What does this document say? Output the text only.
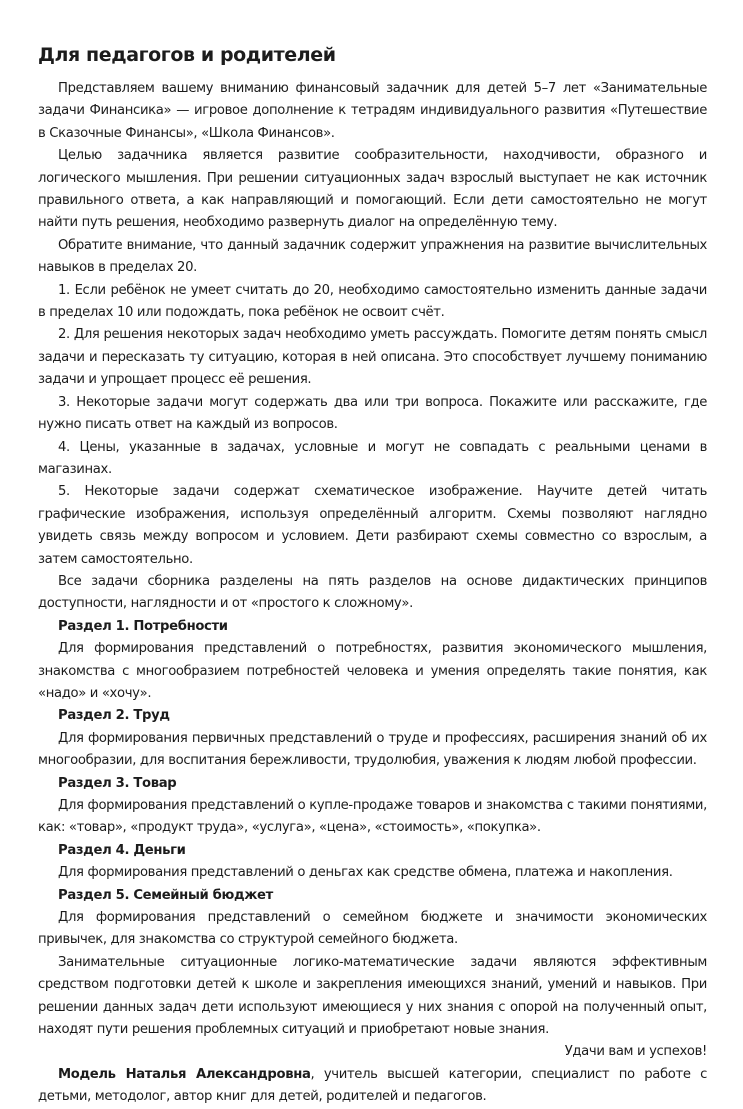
Для педагогов и родителей

Представляем вашему вниманию финансовый задачник для детей 5–7 лет «Занимательные задачи Финансика» — игровое дополнение к тетрадям индивидуального развития «Путешествие в Сказочные Финансы», «Школа Финансов».

Целью задачника является развитие сообразительности, находчивости, образного и логического мышления. При решении ситуационных задач взрослый выступает не как источник правильного ответа, а как направляющий и помогающий. Если дети самостоятельно не могут найти путь решения, необходимо развернуть диалог на определённую тему.

Обратите внимание, что данный задачник содержит упражнения на развитие вычислительных навыков в пределах 20.

1. Если ребёнок не умеет считать до 20, необходимо самостоятельно изменить данные задачи в пределах 10 или подождать, пока ребёнок не освоит счёт.

2. Для решения некоторых задач необходимо уметь рассуждать. Помогите детям понять смысл задачи и пересказать ту ситуацию, которая в ней описана. Это способствует лучшему пониманию задачи и упрощает процесс её решения.

3. Некоторые задачи могут содержать два или три вопроса. Покажите или расскажите, где нужно писать ответ на каждый из вопросов.

4. Цены, указанные в задачах, условные и могут не совпадать с реальными ценами в магазинах.

5. Некоторые задачи содержат схематическое изображение. Научите детей читать графические изображения, используя определённый алгоритм. Схемы позволяют наглядно увидеть связь между вопросом и условием. Дети разбирают схемы совместно со взрослым, а затем самостоятельно.

Все задачи сборника разделены на пять разделов на основе дидактических принципов доступности, наглядности и от «простого к сложному».

Раздел 1. Потребности

Для формирования представлений о потребностях, развития экономического мышления, знакомства с многообразием потребностей человека и умения определять такие понятия, как «надо» и «хочу».

Раздел 2. Труд

Для формирования первичных представлений о труде и профессиях, расширения знаний об их многообразии, для воспитания бережливости, трудолюбия, уважения к людям любой профессии.

Раздел 3. Товар

Для формирования представлений о купле-продаже товаров и знакомства с такими понятиями, как: «товар», «продукт труда», «услуга», «цена», «стоимость», «покупка».

Раздел 4. Деньги

Для формирования представлений о деньгах как средстве обмена, платежа и накопления.

Раздел 5. Семейный бюджет

Для формирования представлений о семейном бюджете и значимости экономических привычек, для знакомства со структурой семейного бюджета.

Занимательные ситуационные логико-математические задачи являются эффективным средством подготовки детей к школе и закрепления имеющихся знаний, умений и навыков. При решении данных задач дети используют имеющиеся у них знания с опорой на полученный опыт, находят пути решения проблемных ситуаций и приобретают новые знания.

Удачи вам и успехов!

Модель Наталья Александровна, учитель высшей категории, специалист по работе с детьми, методолог, автор книг для детей, родителей и педагогов.
